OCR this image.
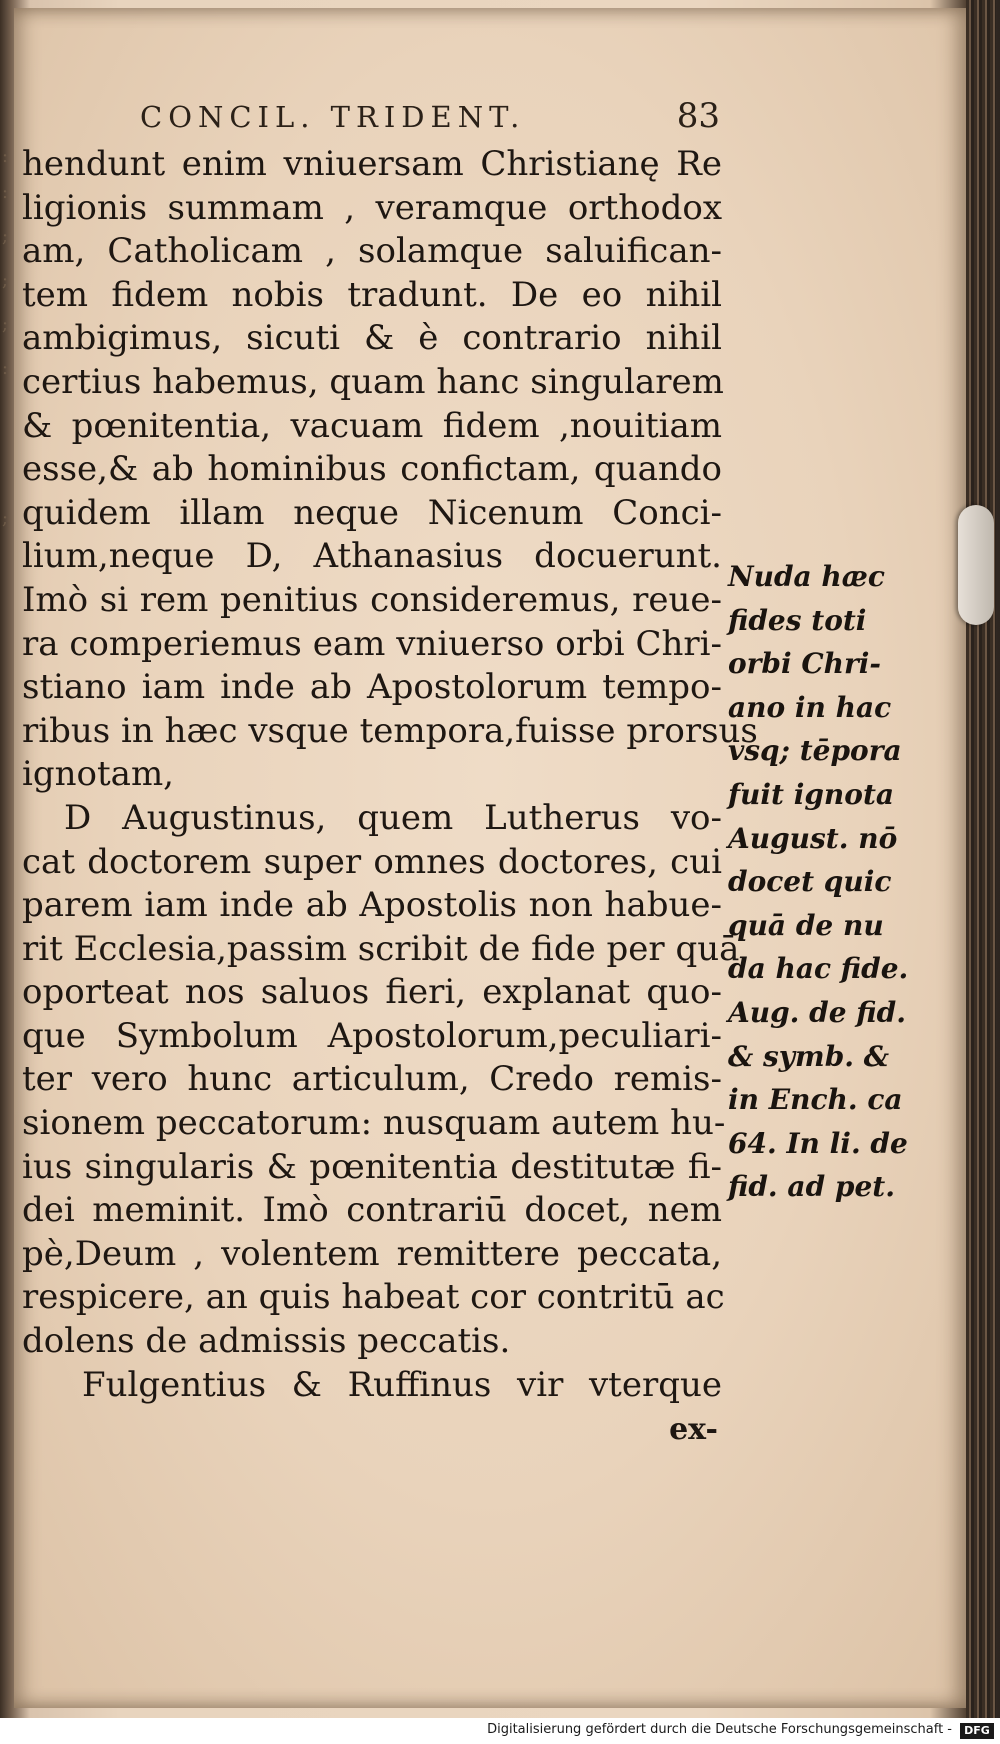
:
:
;
;
;
:
;
CONCIL. TRIDENT.	83
hendunt enim vniuersam Christianę Re
ligionis summam , veramque orthodox
am, Catholicam , solamque saluifican-
tem fidem nobis tradunt. De eo nihil
ambigimus, sicuti & è contrario nihil
certius habemus, quam hanc singularem
& pœnitentia, vacuam fidem ,nouitiam
esse,& ab hominibus confictam, quando
quidem illam neque Nicenum Conci-
lium,neque D, Athanasius docuerunt.
Imò si rem penitius consideremus, reue-
ra comperiemus eam vniuerso orbi Chri-
stiano iam inde ab Apostolorum tempo-
ribus in hæc vsque tempora,fuisse prorsus
ignotam,
D Augustinus, quem Lutherus vo-
cat doctorem super omnes doctores, cui
parem iam inde ab Apostolis non habue-
rit Ecclesia,passim scribit de fide per quā
oporteat nos saluos fieri, explanat quo-
que Symbolum Apostolorum,peculiari-
ter vero hunc articulum, Credo remis-
sionem peccatorum: nusquam autem hu-
ius singularis & pœnitentia destitutæ fi-
dei meminit. Imò contrariū docet, nem
pè,Deum , volentem remittere peccata,
respicere, an quis habeat cor contritū ac
dolens de admissis peccatis.
Fulgentius & Ruffinus vir vterque
ex-
Nuda hæc
fides toti
orbi Chri-
ano in hac
vsq; tēpora
fuit ignota
August. nō
docet quic
quā de nu
da hac fide.
Aug. de fid.
& symb. &
in Ench. ca
64. In li. de
fid. ad pet.
Digitalisierung gefördert durch die Deutsche Forschungsgemeinschaft -	DFG
